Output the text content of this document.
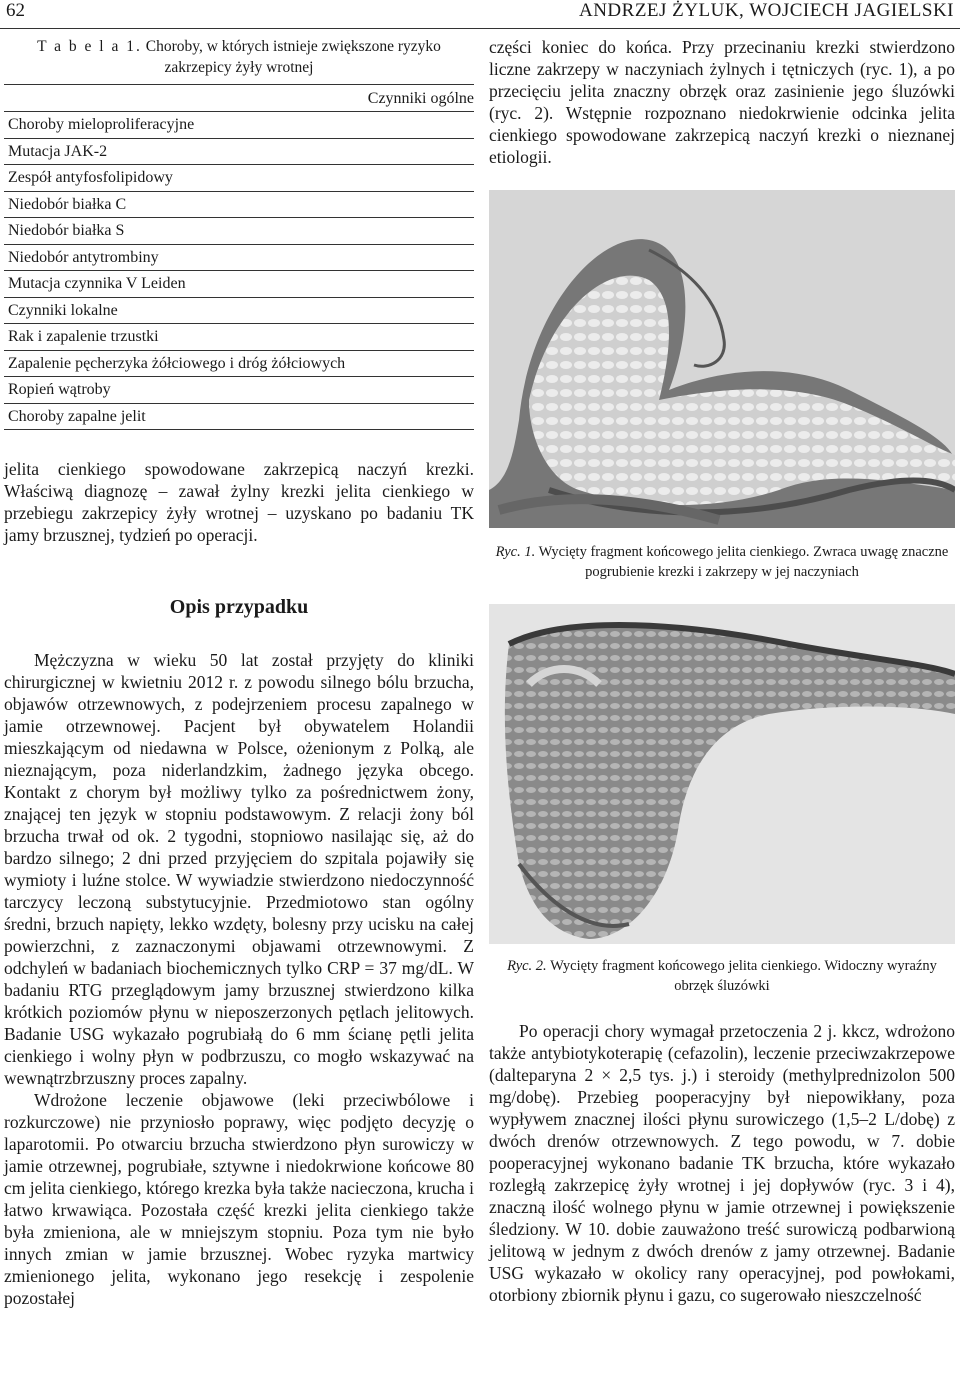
62	ANDRZEJ ŻYLUK, WOJCIECH JAGIELSKI
T a b e l a 1. Choroby, w których istnieje zwiększone ryzyko
zakrzepicy żyły wrotnej
Czynniki ogólne
Choroby mieloproliferacyjne
Mutacja JAK-2
Zespół antyfosfolipidowy
Niedobór białka C
Niedobór białka S
Niedobór antytrombiny
Mutacja czynnika V Leiden
Czynniki lokalne
Rak i zapalenie trzustki
Zapalenie pęcherzyka żółciowego i dróg żółciowych
Ropień wątroby
Choroby zapalne jelit

jelita cienkiego spowodowane zakrzepicą naczyń krezki. Właściwą diagnozę – zawał żylny krezki jelita cienkiego w przebiegu zakrzepicy żyły wrotnej – uzyskano po badaniu TK jamy brzusznej, tydzień po operacji.

Opis przypadku

Mężczyzna w wieku 50 lat został przyjęty do kliniki chirurgicznej w kwietniu 2012 r. z powodu silnego bólu brzucha, objawów otrzewnowych, z podejrzeniem procesu zapalnego w jamie otrzewnowej. Pacjent był obywatelem Holandii mieszkającym od niedawna w Polsce, ożenionym z Polką, ale nieznającym, poza niderlandzkim, żadnego języka obcego. Kontakt z chorym był możliwy tylko za pośrednictwem żony, znającej ten język w stopniu podstawowym. Z relacji żony ból brzucha trwał od ok. 2 tygodni, stopniowo nasilając się, aż do bardzo silnego; 2 dni przed przyjęciem do szpitala pojawiły się wymioty i luźne stolce. W wywiadzie stwierdzono niedoczynność tarczycy leczoną substytucyjnie. Przedmiotowo stan ogólny średni, brzuch napięty, lekko wzdęty, bolesny przy ucisku na całej powierzchni, z zaznaczonymi objawami otrzewnowymi. Z odchyleń w badaniach biochemicznych tylko CRP = 37 mg/dL. W badaniu RTG przeglądowym jamy brzusznej stwierdzono kilka krótkich poziomów płynu w nieposzerzonych pętlach jelitowych. Badanie USG wykazało pogrubiałą do 6 mm ścianę pętli jelita cienkiego i wolny płyn w podbrzuszu, co mogło wskazywać na wewnątrzbrzuszny proces zapalny.

Wdrożone leczenie objawowe (leki przeciwbólowe i rozkurczowe) nie przyniosło poprawy, więc podjęto decyzję o laparotomii. Po otwarciu brzucha stwierdzono płyn surowiczy w jamie otrzewnej, pogrubiałe, sztywne i niedokrwione końcowe 80 cm jelita cienkiego, którego krezka była także nacieczona, krucha i łatwo krwawiąca. Pozostała część krezki jelita cienkiego także była zmieniona, ale w mniejszym stopniu. Poza tym nie było innych zmian w jamie brzusznej. Wobec ryzyka martwicy zmienionego jelita, wykonano jego resekcję i zespolenie pozostałej

części koniec do końca. Przy przecinaniu krezki stwierdzono liczne zakrzepy w naczyniach żylnych i tętniczych (ryc. 1), a po przecięciu jelita znaczny obrzęk oraz zasinienie jego śluzówki (ryc. 2). Wstępnie rozpoznano niedokrwienie odcinka jelita cienkiego spowodowane zakrzepicą naczyń krezki o nieznanej etiologii.

Ryc. 1. Wycięty fragment końcowego jelita cienkiego. Zwraca uwagę znaczne pogrubienie krezki i zakrzepy w jej naczyniach

Ryc. 2. Wycięty fragment końcowego jelita cienkiego. Widoczny wyraźny obrzęk śluzówki

Po operacji chory wymagał przetoczenia 2 j. kkcz, wdrożono także antybiotykoterapię (cefazolin), leczenie przeciwzakrzepowe (dalteparyna 2 × 2,5 tys. j.) i steroidy (methylprednizolon 500 mg/dobę). Przebieg pooperacyjny był niepowikłany, poza wypływem znacznej ilości płynu surowiczego (1,5–2 L/dobę) z dwóch drenów otrzewnowych. Z tego powodu, w 7. dobie pooperacyjnej wykonano badanie TK brzucha, które wykazało rozległą zakrzepicę żyły wrotnej i jej dopływów (ryc. 3 i 4), znaczną ilość wolnego płynu w jamie otrzewnej i powiększenie śledziony. W 10. dobie zauważono treść surowiczą podbarwioną jelitową w jednym z dwóch drenów z jamy otrzewnej. Badanie USG wykazało w okolicy rany operacyjnej, pod powłokami, otorbiony zbiornik płynu i gazu, co sugerowało nieszczelność
